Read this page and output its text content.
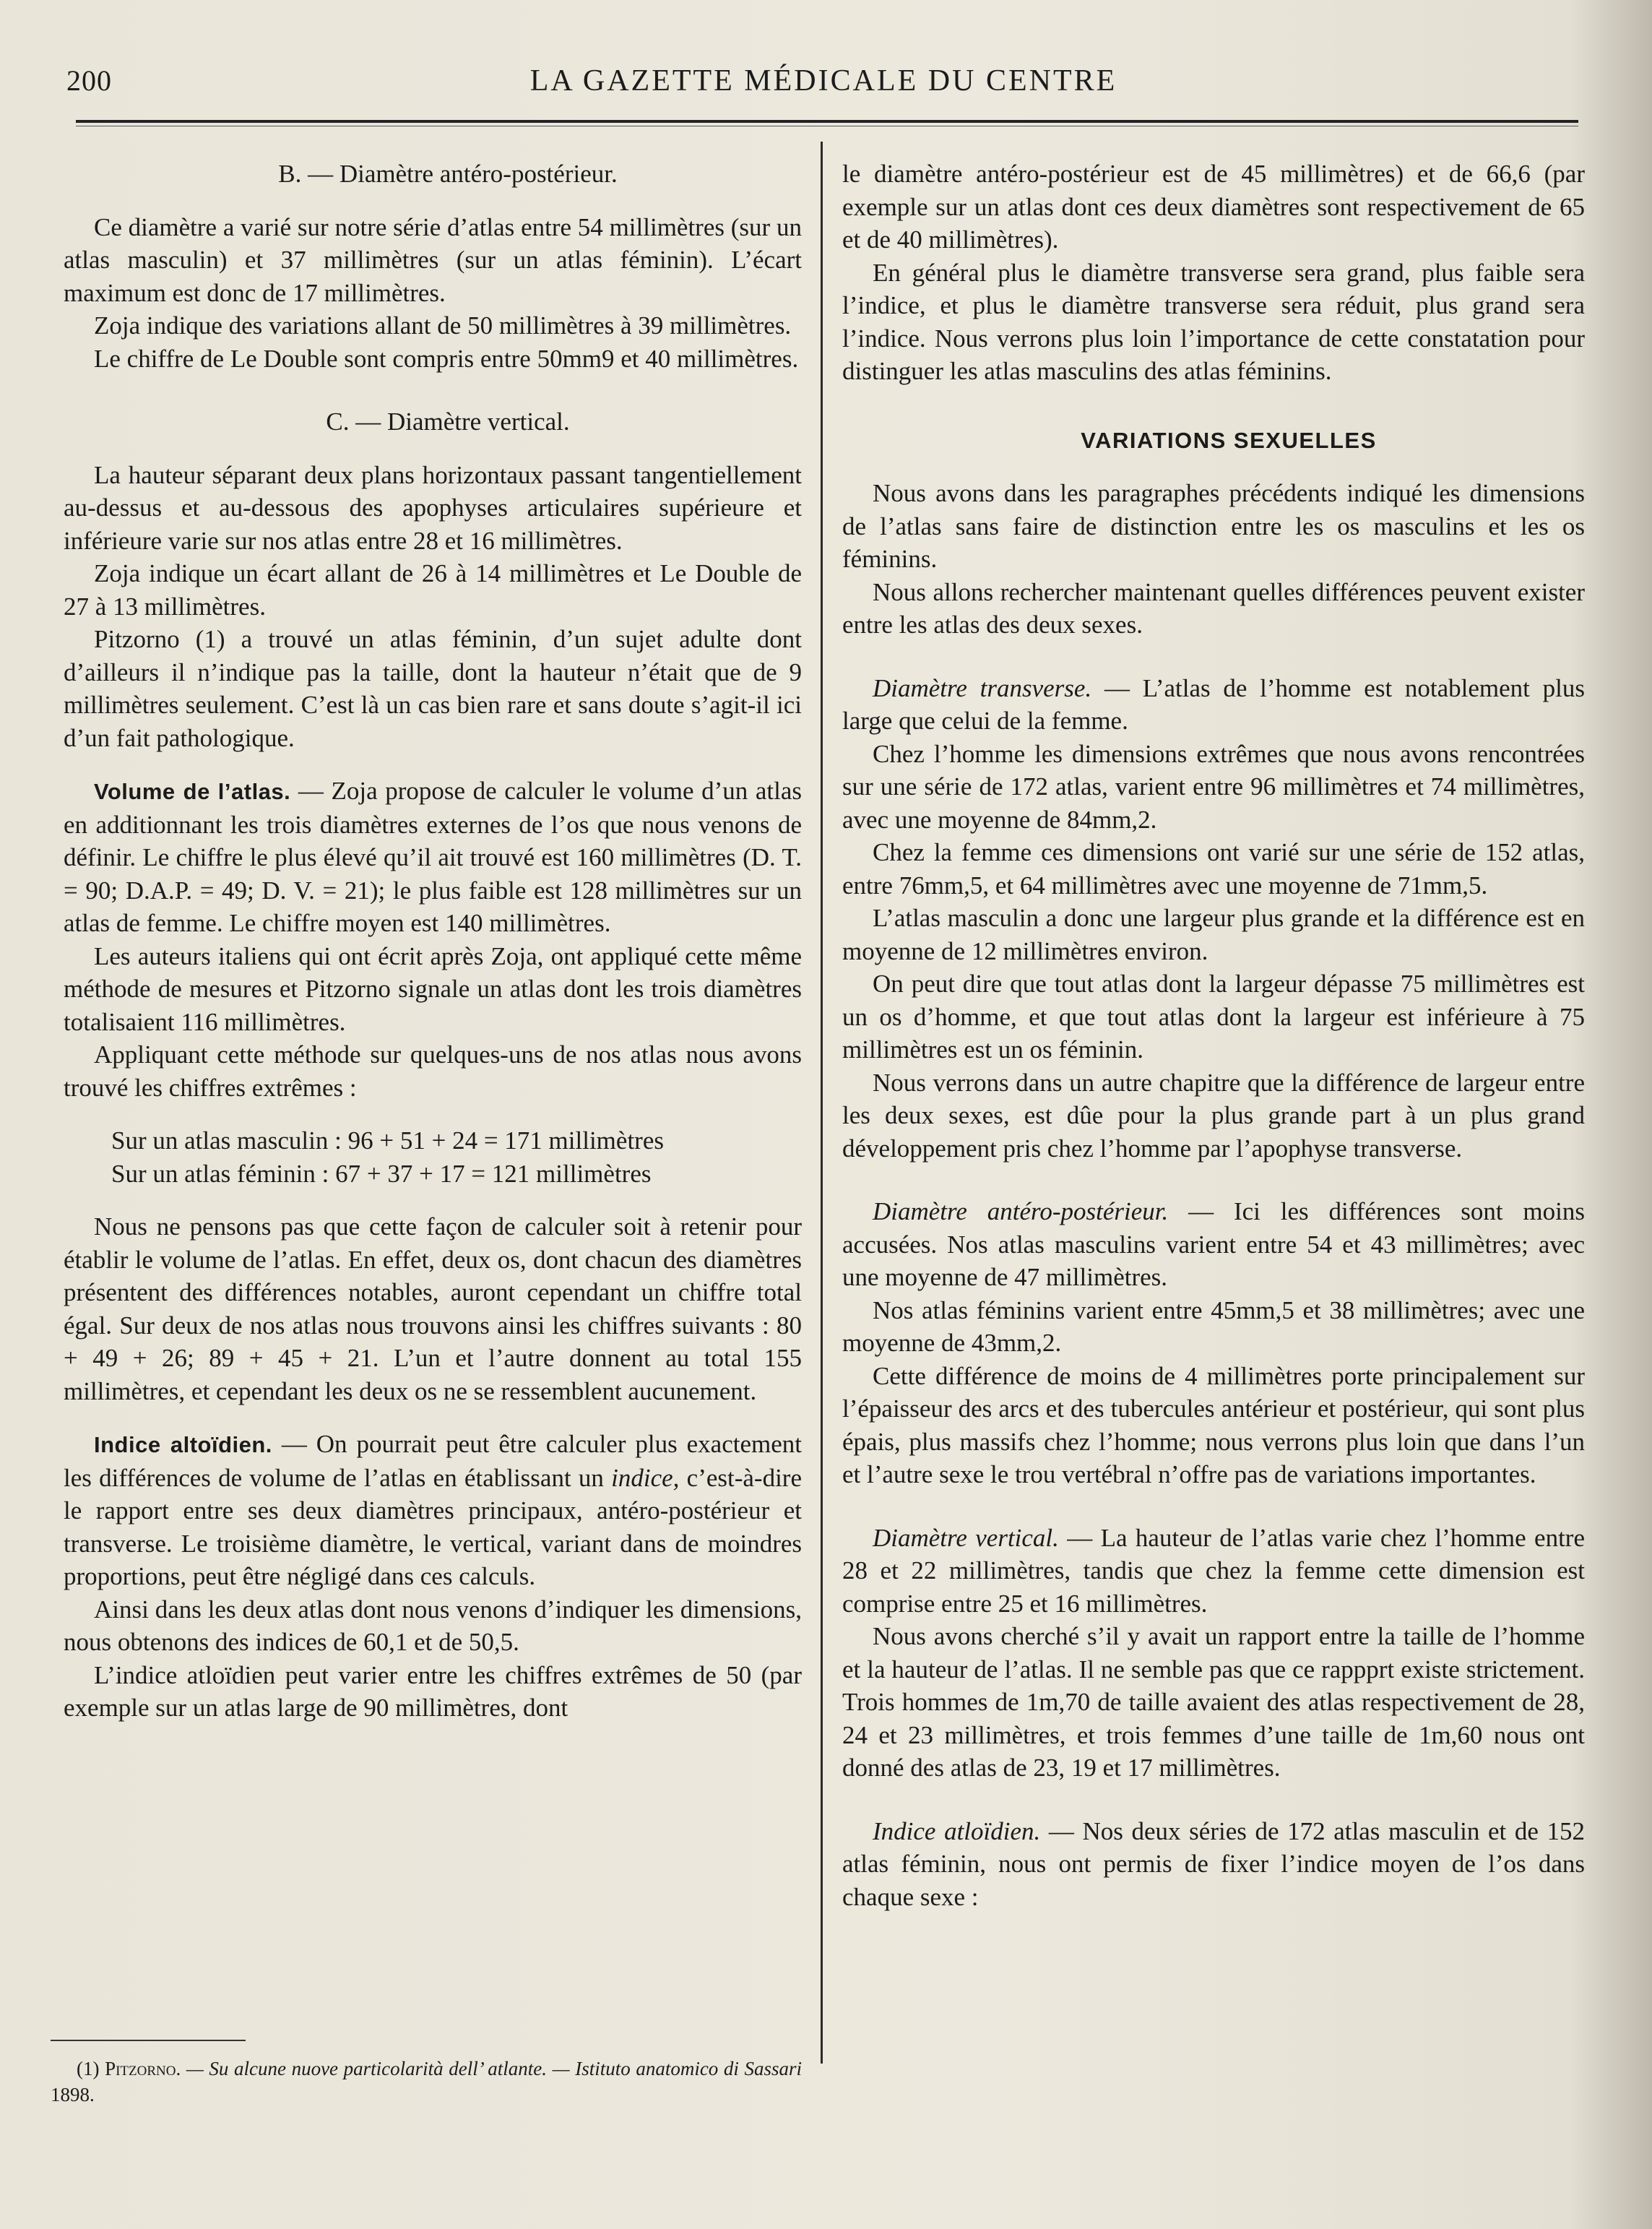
200	LA GAZETTE MÉDICALE DU CENTRE

B. — Diamètre antéro-postérieur.

Ce diamètre a varié sur notre série d’atlas entre 54 millimètres (sur un atlas masculin) et 37 millimètres (sur un atlas féminin). L’écart maximum est donc de 17 millimètres.

Zoja indique des variations allant de 50 millimètres à 39 millimètres.

Le chiffre de Le Double sont compris entre 50mm9 et 40 millimètres.

C. — Diamètre vertical.

La hauteur séparant deux plans horizontaux passant tangentiellement au-dessus et au-dessous des apophyses articulaires supérieure et inférieure varie sur nos atlas entre 28 et 16 millimètres.

Zoja indique un écart allant de 26 à 14 millimètres et Le Double de 27 à 13 millimètres.

Pitzorno (1) a trouvé un atlas féminin, d’un sujet adulte dont d’ailleurs il n’indique pas la taille, dont la hauteur n’était que de 9 millimètres seulement. C’est là un cas bien rare et sans doute s’agit-il ici d’un fait pathologique.

Volume de l’atlas. — Zoja propose de calculer le volume d’un atlas en additionnant les trois diamètres externes de l’os que nous venons de définir. Le chiffre le plus élevé qu’il ait trouvé est 160 millimètres (D. T. = 90; D.A.P. = 49; D. V. = 21); le plus faible est 128 millimètres sur un atlas de femme. Le chiffre moyen est 140 millimètres.

Les auteurs italiens qui ont écrit après Zoja, ont appliqué cette même méthode de mesures et Pitzorno signale un atlas dont les trois diamètres totalisaient 116 millimètres.

Appliquant cette méthode sur quelques-uns de nos atlas nous avons trouvé les chiffres extrêmes :

Sur un atlas masculin : 96 + 51 + 24 = 171 millimètres

Sur un atlas féminin : 67 + 37 + 17 = 121 millimètres

Nous ne pensons pas que cette façon de calculer soit à retenir pour établir le volume de l’atlas. En effet, deux os, dont chacun des diamètres présentent des différences notables, auront cependant un chiffre total égal. Sur deux de nos atlas nous trouvons ainsi les chiffres suivants : 80 + 49 + 26; 89 + 45 + 21. L’un et l’autre donnent au total 155 millimètres, et cependant les deux os ne se ressemblent aucunement.

Indice altoïdien. — On pourrait peut être calculer plus exactement les différences de volume de l’atlas en établissant un indice, c’est-à-dire le rapport entre ses deux diamètres principaux, antéro-postérieur et transverse. Le troisième diamètre, le vertical, variant dans de moindres proportions, peut être négligé dans ces calculs.

Ainsi dans les deux atlas dont nous venons d’indiquer les dimensions, nous obtenons des indices de 60,1 et de 50,5.

L’indice atloïdien peut varier entre les chiffres extrêmes de 50 (par exemple sur un atlas large de 90 millimètres, dont

(1) Pitzorno. — Su alcune nuove particolarità dell’ atlante. — Istituto anatomico di Sassari 1898.

le diamètre antéro-postérieur est de 45 millimètres) et de 66,6 (par exemple sur un atlas dont ces deux diamètres sont respectivement de 65 et de 40 millimètres).

En général plus le diamètre transverse sera grand, plus faible sera l’indice, et plus le diamètre transverse sera réduit, plus grand sera l’indice. Nous verrons plus loin l’importance de cette constatation pour distinguer les atlas masculins des atlas féminins.

VARIATIONS SEXUELLES

Nous avons dans les paragraphes précédents indiqué les dimensions de l’atlas sans faire de distinction entre les os masculins et les os féminins.

Nous allons rechercher maintenant quelles différences peuvent exister entre les atlas des deux sexes.

Diamètre transverse. — L’atlas de l’homme est notablement plus large que celui de la femme.

Chez l’homme les dimensions extrêmes que nous avons rencontrées sur une série de 172 atlas, varient entre 96 millimètres et 74 millimètres, avec une moyenne de 84mm,2.

Chez la femme ces dimensions ont varié sur une série de 152 atlas, entre 76mm,5, et 64 millimètres avec une moyenne de 71mm,5.

L’atlas masculin a donc une largeur plus grande et la différence est en moyenne de 12 millimètres environ.

On peut dire que tout atlas dont la largeur dépasse 75 millimètres est un os d’homme, et que tout atlas dont la largeur est inférieure à 75 millimètres est un os féminin.

Nous verrons dans un autre chapitre que la différence de largeur entre les deux sexes, est dûe pour la plus grande part à un plus grand développement pris chez l’homme par l’apophyse transverse.

Diamètre antéro-postérieur. — Ici les différences sont moins accusées. Nos atlas masculins varient entre 54 et 43 millimètres; avec une moyenne de 47 millimètres.

Nos atlas féminins varient entre 45mm,5 et 38 millimètres; avec une moyenne de 43mm,2.

Cette différence de moins de 4 millimètres porte principalement sur l’épaisseur des arcs et des tubercules antérieur et postérieur, qui sont plus épais, plus massifs chez l’homme; nous verrons plus loin que dans l’un et l’autre sexe le trou vertébral n’offre pas de variations importantes.

Diamètre vertical. — La hauteur de l’atlas varie chez l’homme entre 28 et 22 millimètres, tandis que chez la femme cette dimension est comprise entre 25 et 16 millimètres.

Nous avons cherché s’il y avait un rapport entre la taille de l’homme et la hauteur de l’atlas. Il ne semble pas que ce rappprt existe strictement. Trois hommes de 1m,70 de taille avaient des atlas respectivement de 28, 24 et 23 millimètres, et trois femmes d’une taille de 1m,60 nous ont donné des atlas de 23, 19 et 17 millimètres.

Indice atloïdien. — Nos deux séries de 172 atlas masculin et de 152 atlas féminin, nous ont permis de fixer l’indice moyen de l’os dans chaque sexe :
